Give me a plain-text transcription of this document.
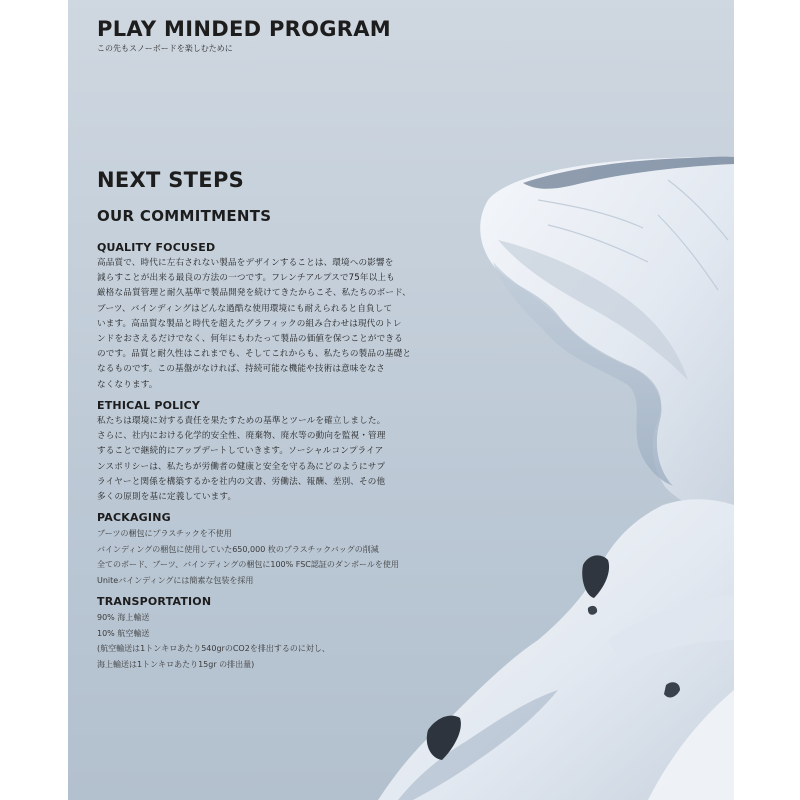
PLAY MINDED PROGRAM
この先もスノーボードを楽しむために
NEXT STEPS
OUR COMMITMENTS
QUALITY FOCUSED

高品質で、時代に左右されない製品をデザインすることは、環境への影響を
減らすことが出来る最良の方法の一つです。フレンチアルプスで75年以上も
厳格な品質管理と耐久基準で製品開発を続けてきたからこそ、私たちのボード、
ブーツ、バインディングはどんな過酷な使用環境にも耐えられると自負して
います。高品質な製品と時代を超えたグラフィックの組み合わせは現代のトレ
ンドをおさえるだけでなく、何年にもわたって製品の価値を保つことができる
のです。品質と耐久性はこれまでも、そしてこれからも、私たちの製品の基礎と
なるものです。この基盤がなければ、持続可能な機能や技術は意味をなさ
なくなります。

ETHICAL POLICY

私たちは環境に対する責任を果たすための基準とツールを確立しました。
さらに、社内における化学的安全性、廃棄物、廃水等の動向を監視・管理
することで継続的にアップデートしていきます。ソーシャルコンプライア
ンスポリシーは、私たちが労働者の健康と安全を守る為にどのようにサプ
ライヤーと関係を構築するかを社内の文書、労働法、報酬、差別、その他
多くの原則を基に定義しています。

PACKAGING

ブーツの梱包にプラスチックを不使用
バインディングの梱包に使用していた650,000 枚のプラスチックバッグの削減
全てのボード、ブーツ、バインディングの梱包に100% FSC認証のダンボールを使用
Uniteバインディングには簡素な包装を採用

TRANSPORTATION

90% 海上輸送
10% 航空輸送
(航空輸送は1トンキロあたり540grのCO2を排出するのに対し、
海上輸送は1トンキロあたり15gr の排出量)
